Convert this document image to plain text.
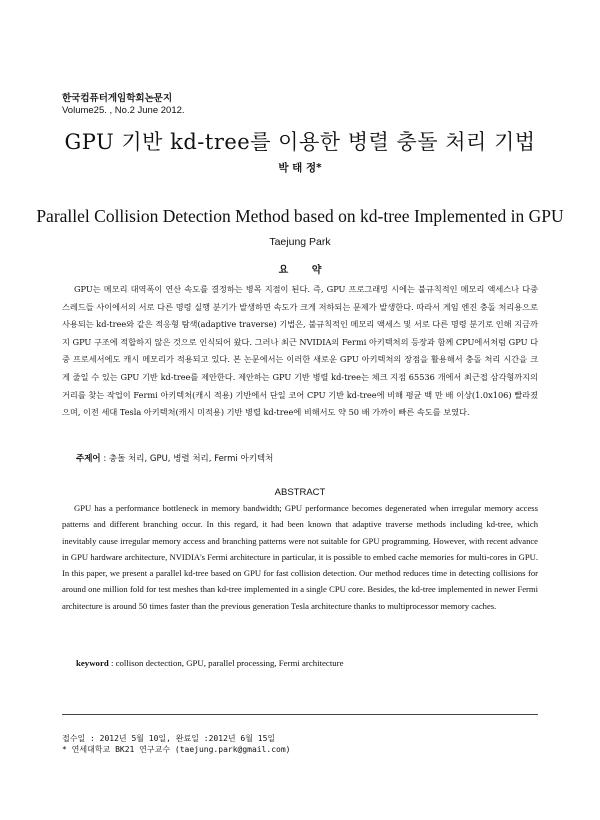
한국컴퓨터게임학회논문지
Volume25. , No.2 June 2012.
GPU 기반 kd-tree를 이용한 병렬 충돌 처리 기법
박 태 정*
Parallel Collision Detection Method based on kd-tree Implemented in GPU
Taejung Park
요 약

GPU는 메모리 대역폭이 연산 속도를 결정하는 병목 지점이 된다. 즉, GPU 프로그래밍 시에는 불규칙적인 메모리 액세스나 다중 스레드들 사이에서의 서로 다른 명령 실행 분기가 발생하면 속도가 크게 저하되는 문제가 발생한다. 따라서 게임 엔진 충돌 처리용으로 사용되는 kd-tree와 같은 적응형 탐색(adaptive traverse) 기법은, 불규칙적인 메모리 액세스 및 서로 다른 명령 분기로 인해 지금까지 GPU 구조에 적합하지 않은 것으로 인식되어 왔다. 그러나 최근 NVIDIA의 Fermi 아키텍처의 등장과 함께 CPU에서처럼 GPU 다중 프로세서에도 캐시 메모리가 적용되고 있다. 본 논문에서는 이러한 새로운 GPU 아키텍처의 장점을 활용해서 충돌 처리 시간을 크게 줄일 수 있는 GPU 기반 kd-tree를 제안한다. 제안하는 GPU 기반 병렬 kd-tree는 체크 지점 65536 개에서 최근접 삼각형까지의 거리를 찾는 작업이 Fermi 아키텍처(캐시 적용) 기반에서 단일 코어 CPU 기반 kd-tree에 비해 평균 백 만 배 이상(1.0x106) 빨라졌으며, 이전 세대 Tesla 아키텍처(캐시 미적용) 기반 병렬 kd-tree에 비해서도 약 50 배 가까이 빠른 속도를 보였다.

주제어 : 충돌 처리, GPU, 병렬 처리, Fermi 아키텍처
ABSTRACT

GPU has a performance bottleneck in memory bandwidth; GPU performance becomes degenerated when irregular memory access patterns and different branching occur. In this regard, it had been known that adaptive traverse methods including kd-tree, which inevitably cause irregular memory access and branching patterns were not suitable for GPU programming. However, with recent advance in GPU hardware architecture, NVIDIA's Fermi architecture in particular, it is possible to embed cache memories for multi-cores in GPU. In this paper, we present a parallel kd-tree based on GPU for fast collision detection. Our method reduces time in detecting collisions for around one million fold for test meshes than kd-tree implemented in a single CPU core. Besides, the kd-tree implemented in newer Fermi architecture is around 50 times faster than the previous generation Tesla architecture thanks to multiprocessor memory caches.

keyword : collison dectection, GPU, parallel processing, Fermi architecture
접수일 : 2012년 5월 10일, 완료일 :2012년 6월 15일
* 연세대학교 BK21 연구교수 (taejung.park@gmail.com)
